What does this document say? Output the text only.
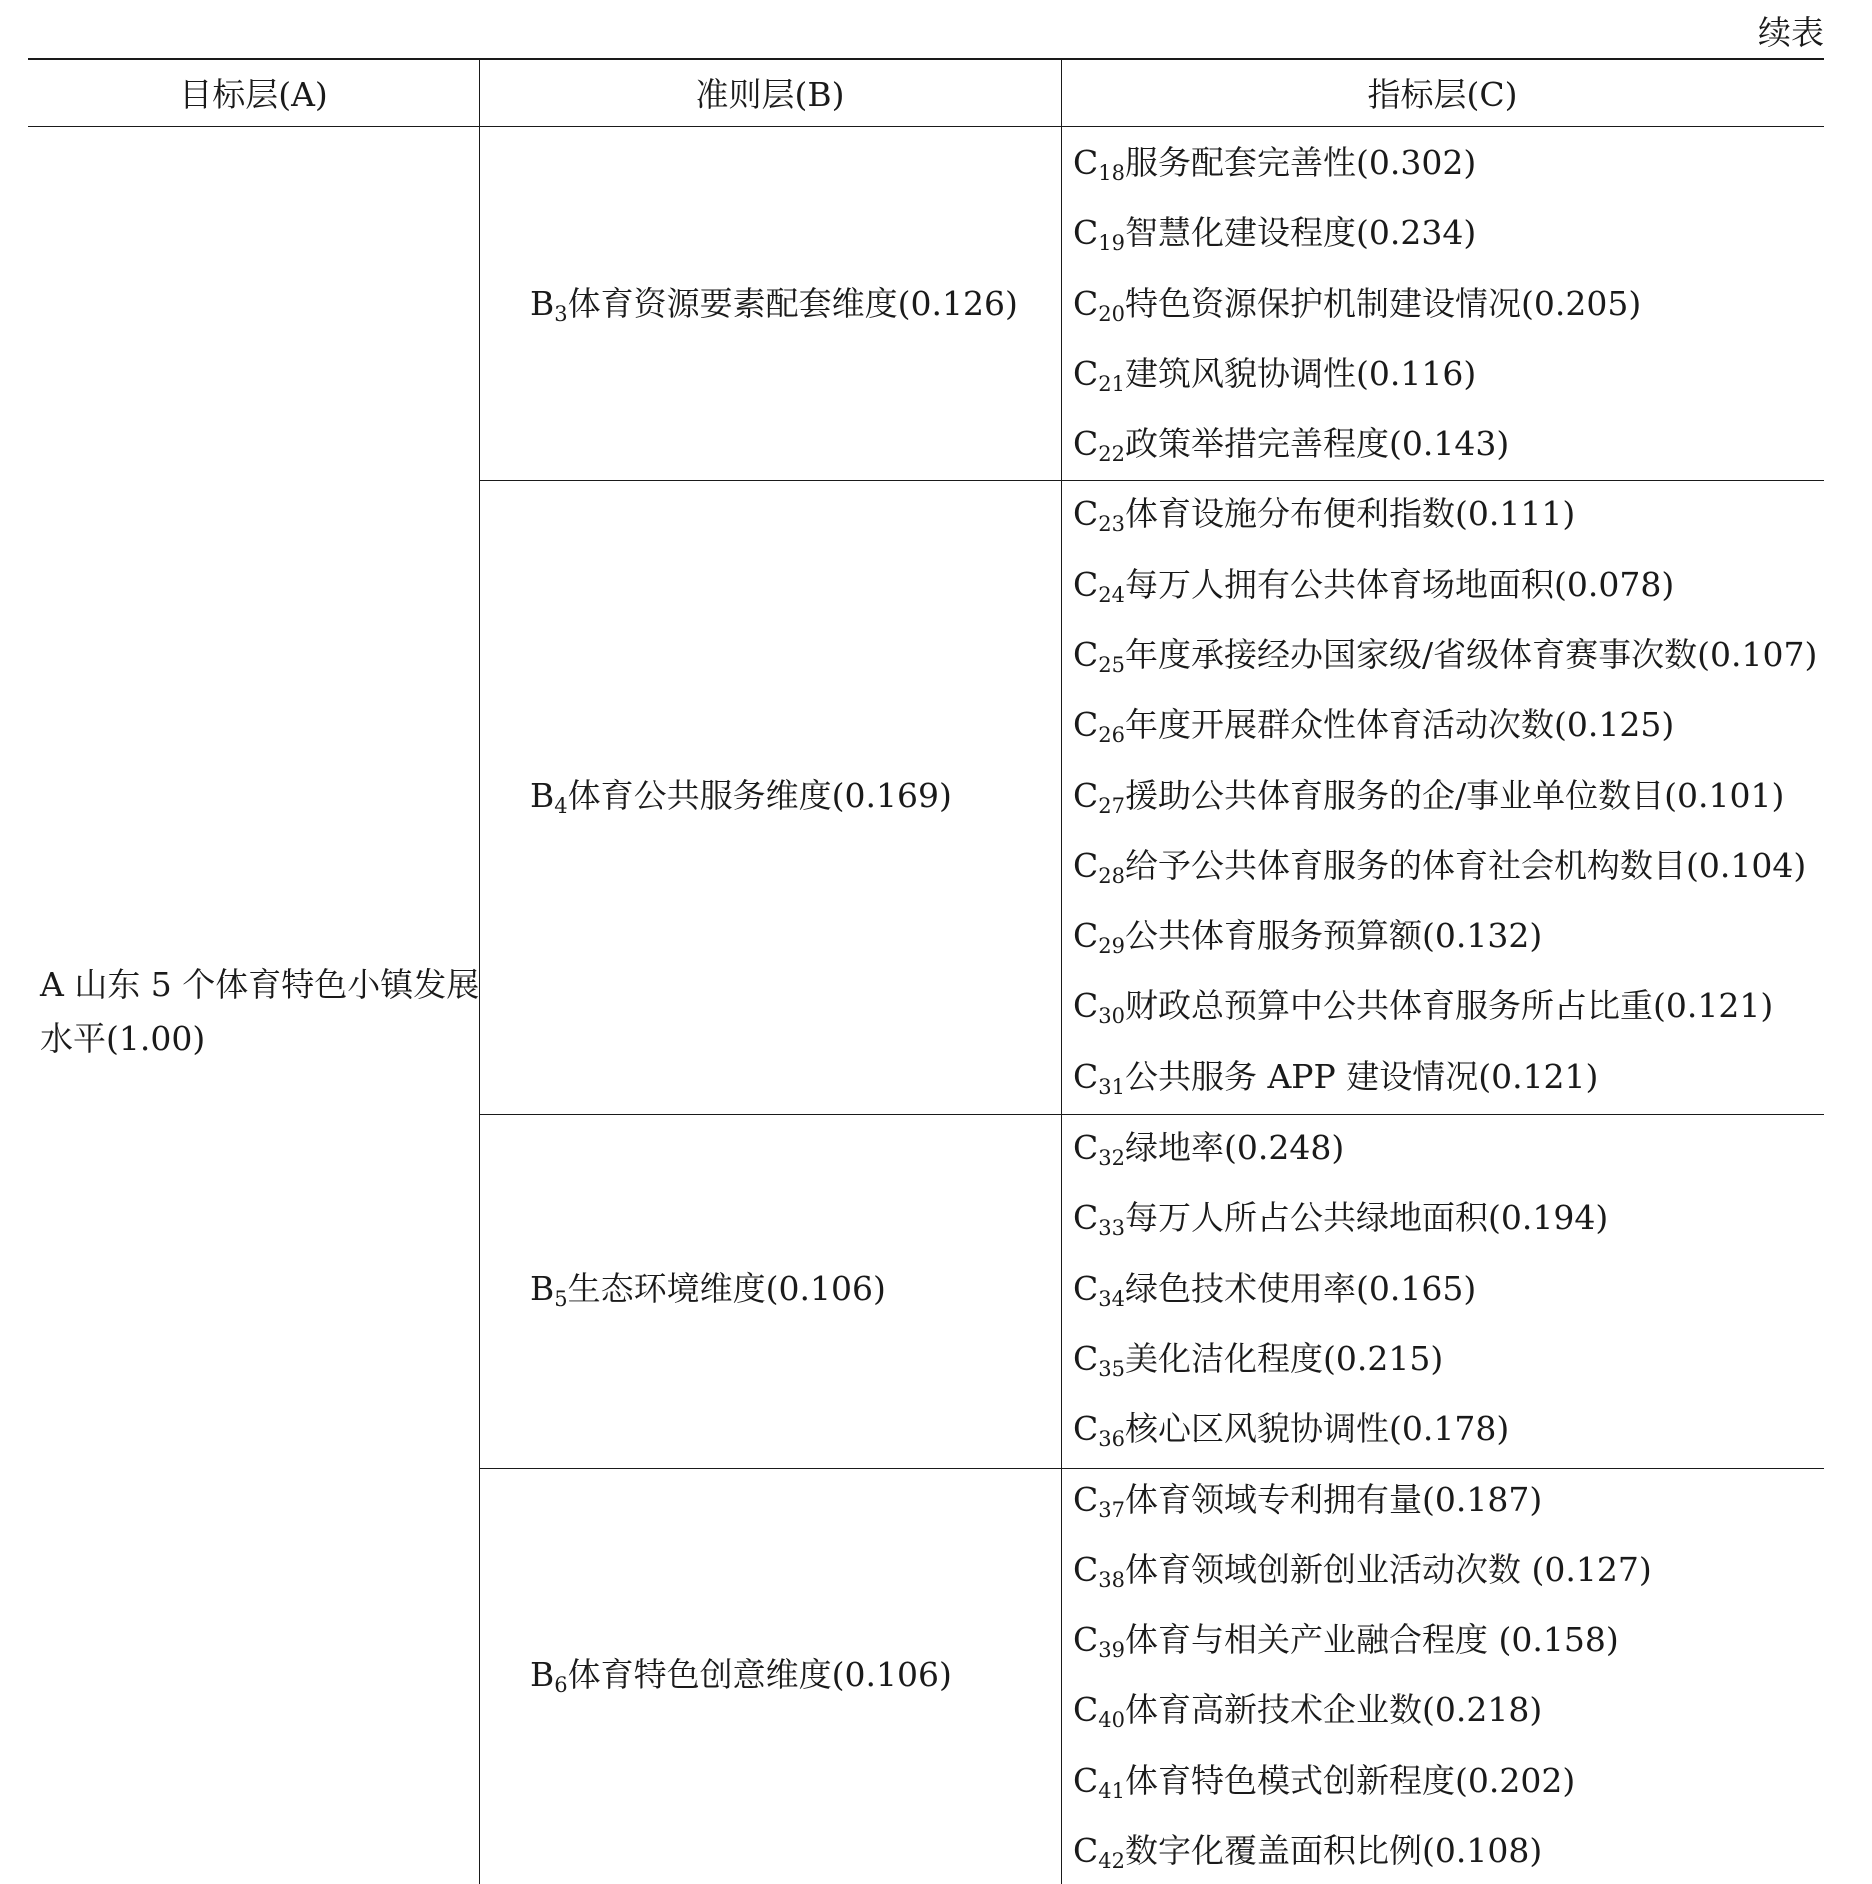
续表
目标层(A)	准则层(B)	指标层(C)
A 山东 5 个体育特色小镇发展水平(1.00)
$B_3$体育资源要素配套维度(0.126)
$B_4$体育公共服务维度(0.169)
$B_5$生态环境维度(0.106)
$B_6$体育特色创意维度(0.106)
$C_{18}$服务配套完善性(0.302)
$C_{19}$智慧化建设程度(0.234)
$C_{20}$特色资源保护机制建设情况(0.205)
$C_{21}$建筑风貌协调性(0.116)
$C_{22}$政策举措完善程度(0.143)
$C_{23}$体育设施分布便利指数(0.111)
$C_{24}$每万人拥有公共体育场地面积(0.078)
$C_{25}$年度承接经办国家级/省级体育赛事次数(0.107)
$C_{26}$年度开展群众性体育活动次数(0.125)
$C_{27}$援助公共体育服务的企/事业单位数目(0.101)
$C_{28}$给予公共体育服务的体育社会机构数目(0.104)
$C_{29}$公共体育服务预算额(0.132)
$C_{30}$财政总预算中公共体育服务所占比重(0.121)
$C_{31}$公共服务 APP 建设情况(0.121)
$C_{32}$绿地率(0.248)
$C_{33}$每万人所占公共绿地面积(0.194)
$C_{34}$绿色技术使用率(0.165)
$C_{35}$美化洁化程度(0.215)
$C_{36}$核心区风貌协调性(0.178)
$C_{37}$体育领域专利拥有量(0.187)
$C_{38}$体育领域创新创业活动次数 (0.127)
$C_{39}$体育与相关产业融合程度 (0.158)
$C_{40}$体育高新技术企业数(0.218)
$C_{41}$体育特色模式创新程度(0.202)
$C_{42}$数字化覆盖面积比例(0.108)
